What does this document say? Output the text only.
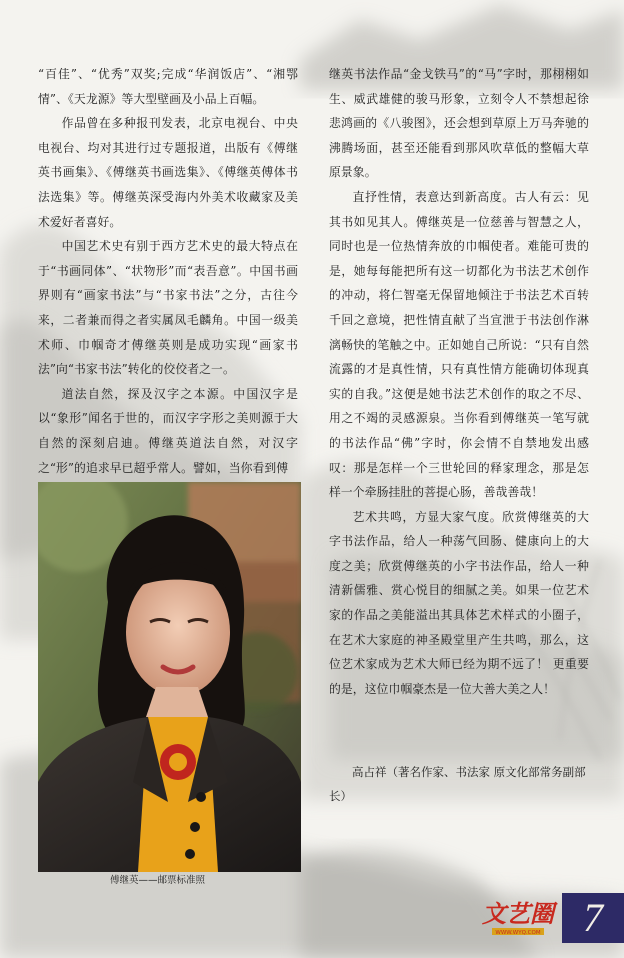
“百佳”、“优秀”双奖;完成“华润饭店”、“湘鄂情”、《天龙源》等大型壁画及小品上百幅。

作品曾在多种报刊发表，北京电视台、中央电视台、均对其进行过专题报道，出版有《傅继英书画集》、《傅继英书画选集》、《傅继英傅体书法选集》等。傅继英深受海内外美术收藏家及美术爱好者喜好。

中国艺术史有别于西方艺术史的最大特点在于“书画同体”、“状物形”而“表吾意”。中国书画界则有“画家书法”与“书家书法”之分，古往今来，二者兼而得之者实属凤毛麟角。中国一级美术师、巾帼奇才傅继英则是成功实现“画家书法”向“书家书法”转化的佼佼者之一。

道法自然，探及汉字之本源。中国汉字是以“象形”闻名于世的，而汉字字形之美则源于大自然的深刻启迪。傅继英道法自然，对汉字之“形”的追求早已超乎常人。譬如，当你看到傅

傅继英——邮票标准照

继英书法作品“金戈铁马”的“马”字时，那栩栩如生、威武雄健的骏马形象，立刻令人不禁想起徐悲鸿画的《八骏图》，还会想到草原上万马奔驰的沸腾场面，甚至还能看到那风吹草低的整幅大草原景象。

直抒性情，表意达到新高度。古人有云：见其书如见其人。傅继英是一位慈善与智慧之人，同时也是一位热情奔放的巾帼使者。难能可贵的是，她每每能把所有这一切都化为书法艺术创作的冲动，将仁智毫无保留地倾注于书法艺术百转千回之意境，把性情直献了当宣泄于书法创作淋漓畅快的笔触之中。正如她自己所说：“只有自然流露的才是真性情，只有真性情方能确切体现真实的自我。”这便是她书法艺术创作的取之不尽、用之不竭的灵感源泉。当你看到傅继英一笔写就的书法作品“佛”字时，你会情不自禁地发出感叹：那是怎样一个三世轮回的释家理念，那是怎样一个牵肠挂肚的菩提心肠，善哉善哉！

艺术共鸣，方显大家气度。欣赏傅继英的大字书法作品，给人一种荡气回肠、健康向上的大度之美；欣赏傅继英的小字书法作品，给人一种清新儒雅、赏心悦目的细腻之美。如果一位艺术家的作品之美能溢出其具体艺术样式的小圈子，在艺术大家庭的神圣殿堂里产生共鸣，那么，这位艺术家成为艺术大师已经为期不远了！ 更重要的是，这位巾帼豪杰是一位大善大美之人！

高占祥（著名作家、书法家 原文化部常务副部长）
文艺圈
WWW.WYQ.COM 7
